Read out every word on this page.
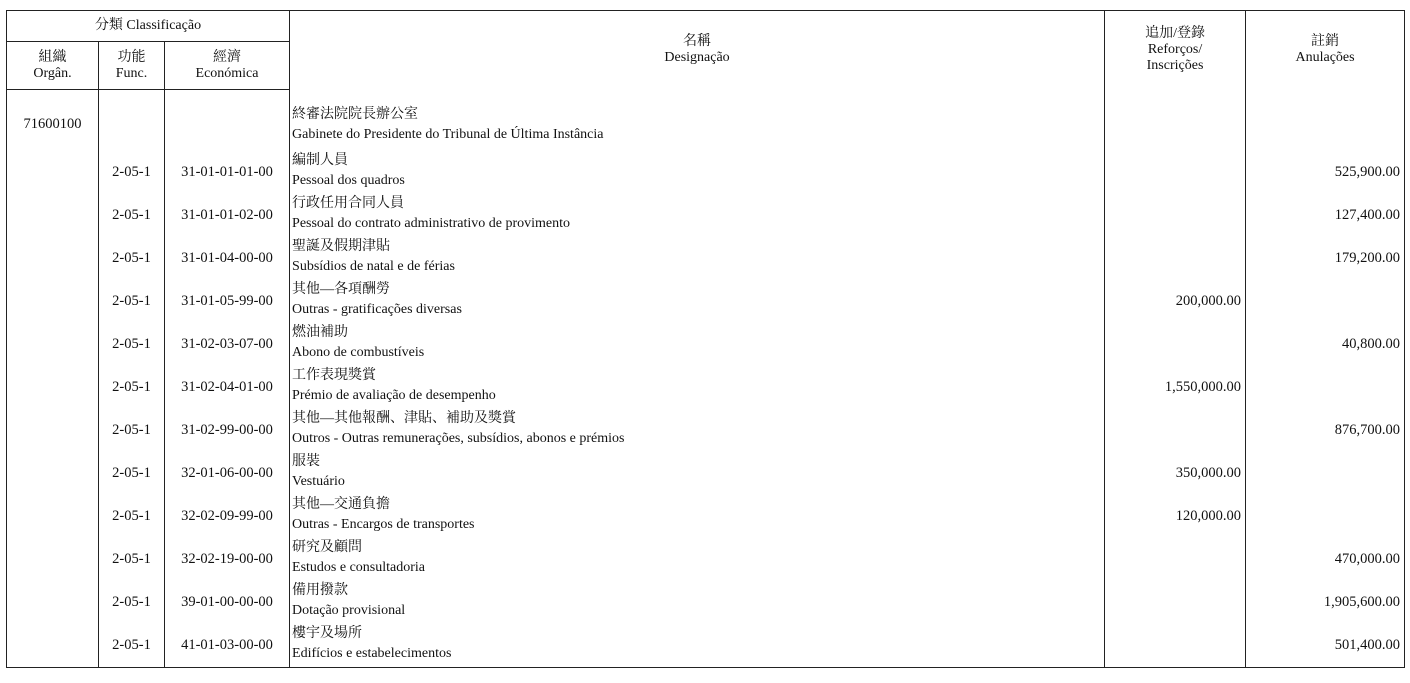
分類 Classificação			名稱
Designação	追加/登錄
Reforços/
Inscrições	註銷
Anulações

組織
Orgân.	功能
Func.	經濟
Económica			

71600100			終審法院院長辦公室
Gabinete do Presidente do Tribunal de Última Instância		

	2-05-1	31-01-01-01-00	編制人員
Pessoal dos quadros		525,900.00
	2-05-1	31-01-01-02-00	行政任用合同人員
Pessoal do contrato administrativo de provimento		127,400.00
	2-05-1	31-01-04-00-00	聖誕及假期津貼
Subsídios de natal e de férias		179,200.00
	2-05-1	31-01-05-99-00	其他—各項酬勞
Outras - gratificações diversas	200,000.00	
	2-05-1	31-02-03-07-00	燃油補助
Abono de combustíveis		40,800.00
	2-05-1	31-02-04-01-00	工作表現獎賞
Prémio de avaliação de desempenho	1,550,000.00	
	2-05-1	31-02-99-00-00	其他—其他報酬、津貼、補助及獎賞
Outros - Outras remunerações, subsídios, abonos e prémios		876,700.00
	2-05-1	32-01-06-00-00	服裝
Vestuário	350,000.00	
	2-05-1	32-02-09-99-00	其他—交通負擔
Outras - Encargos de transportes	120,000.00	
	2-05-1	32-02-19-00-00	研究及顧問
Estudos e consultadoria		470,000.00
	2-05-1	39-01-00-00-00	備用撥款
Dotação provisional		1,905,600.00
	2-05-1	41-01-03-00-00	樓宇及場所
Edifícios e estabelecimentos		501,400.00
